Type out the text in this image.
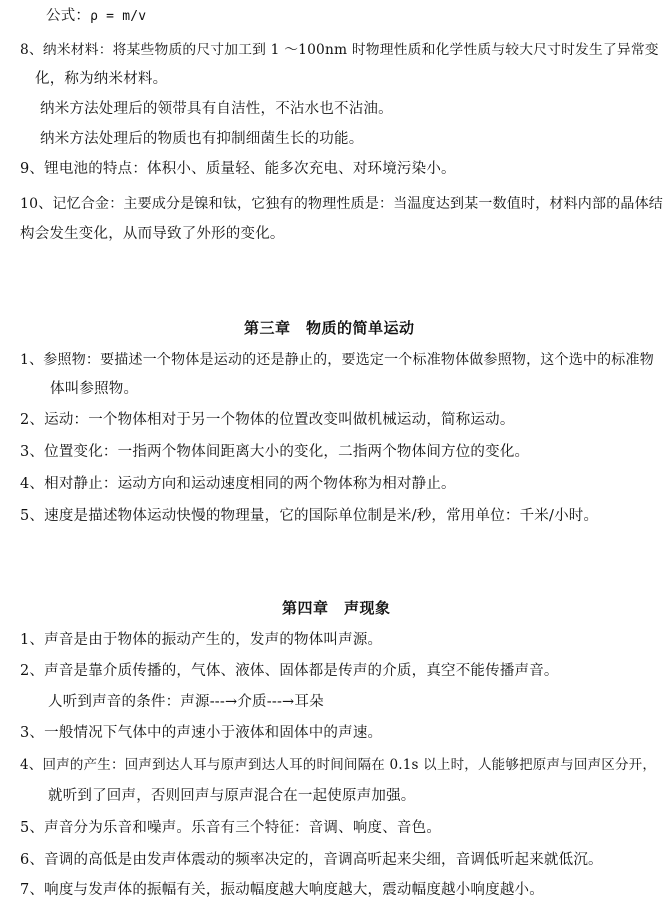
公式：ρ = m/v
8、纳米材料：将某些物质的尺寸加工到 1 ～100nm 时物理性质和化学性质与较大尺寸时发生了异常变
化，称为纳米材料。
纳米方法处理后的领带具有自洁性，不沾水也不沾油。
纳米方法处理后的物质也有抑制细菌生长的功能。
9、锂电池的特点：体积小、质量轻、能多次充电、对环境污染小。
10、记忆合金：主要成分是镍和钛，它独有的物理性质是：当温度达到某一数值时，材料内部的晶体结
构会发生变化，从而导致了外形的变化。
第三章　物质的简单运动
1、参照物：要描述一个物体是运动的还是静止的，要选定一个标准物体做参照物，这个选中的标准物
体叫参照物。
2、运动：一个物体相对于另一个物体的位置改变叫做机械运动，简称运动。
3、位置变化：一指两个物体间距离大小的变化，二指两个物体间方位的变化。
4、相对静止：运动方向和运动速度相同的两个物体称为相对静止。
5、速度是描述物体运动快慢的物理量，它的国际单位制是米/秒，常用单位：千米/小时。
第四章　声现象
1、声音是由于物体的振动产生的，发声的物体叫声源。
2、声音是靠介质传播的，气体、液体、固体都是传声的介质，真空不能传播声音。
人听到声音的条件：声源---→介质---→耳朵
3、一般情况下气体中的声速小于液体和固体中的声速。
4、回声的产生：回声到达人耳与原声到达人耳的时间间隔在 0.1s 以上时，人能够把原声与回声区分开，
就听到了回声，否则回声与原声混合在一起使原声加强。
5、声音分为乐音和噪声。乐音有三个特征：音调、响度、音色。
6、音调的高低是由发声体震动的频率决定的，音调高听起来尖细，音调低听起来就低沉。
7、响度与发声体的振幅有关，振动幅度越大响度越大，震动幅度越小响度越小。
